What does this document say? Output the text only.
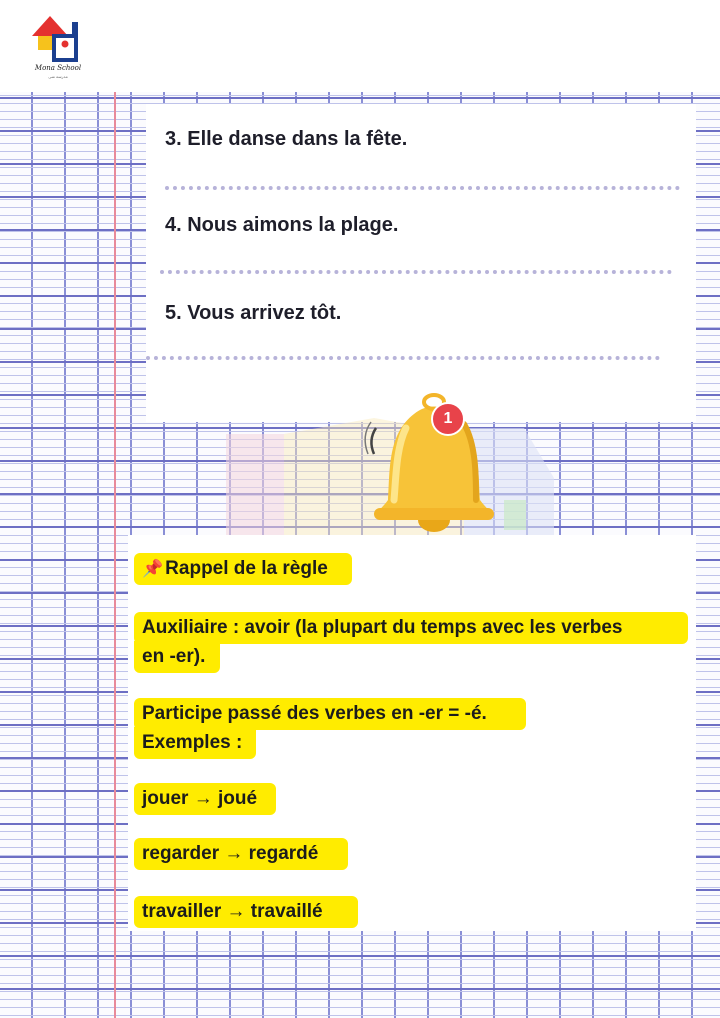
Mona School
مدرسة منى
3. Elle danse dans la fête.
4. Nous aimons la plage.
5. Vous arrivez tôt.
1
📌 Rappel de la règle
Auxiliaire : avoir (la plupart du temps avec les verbes
en -er).
Participe passé des verbes en -er = -é.
Exemples :
jouer → joué
regarder → regardé
travailler → travaillé
